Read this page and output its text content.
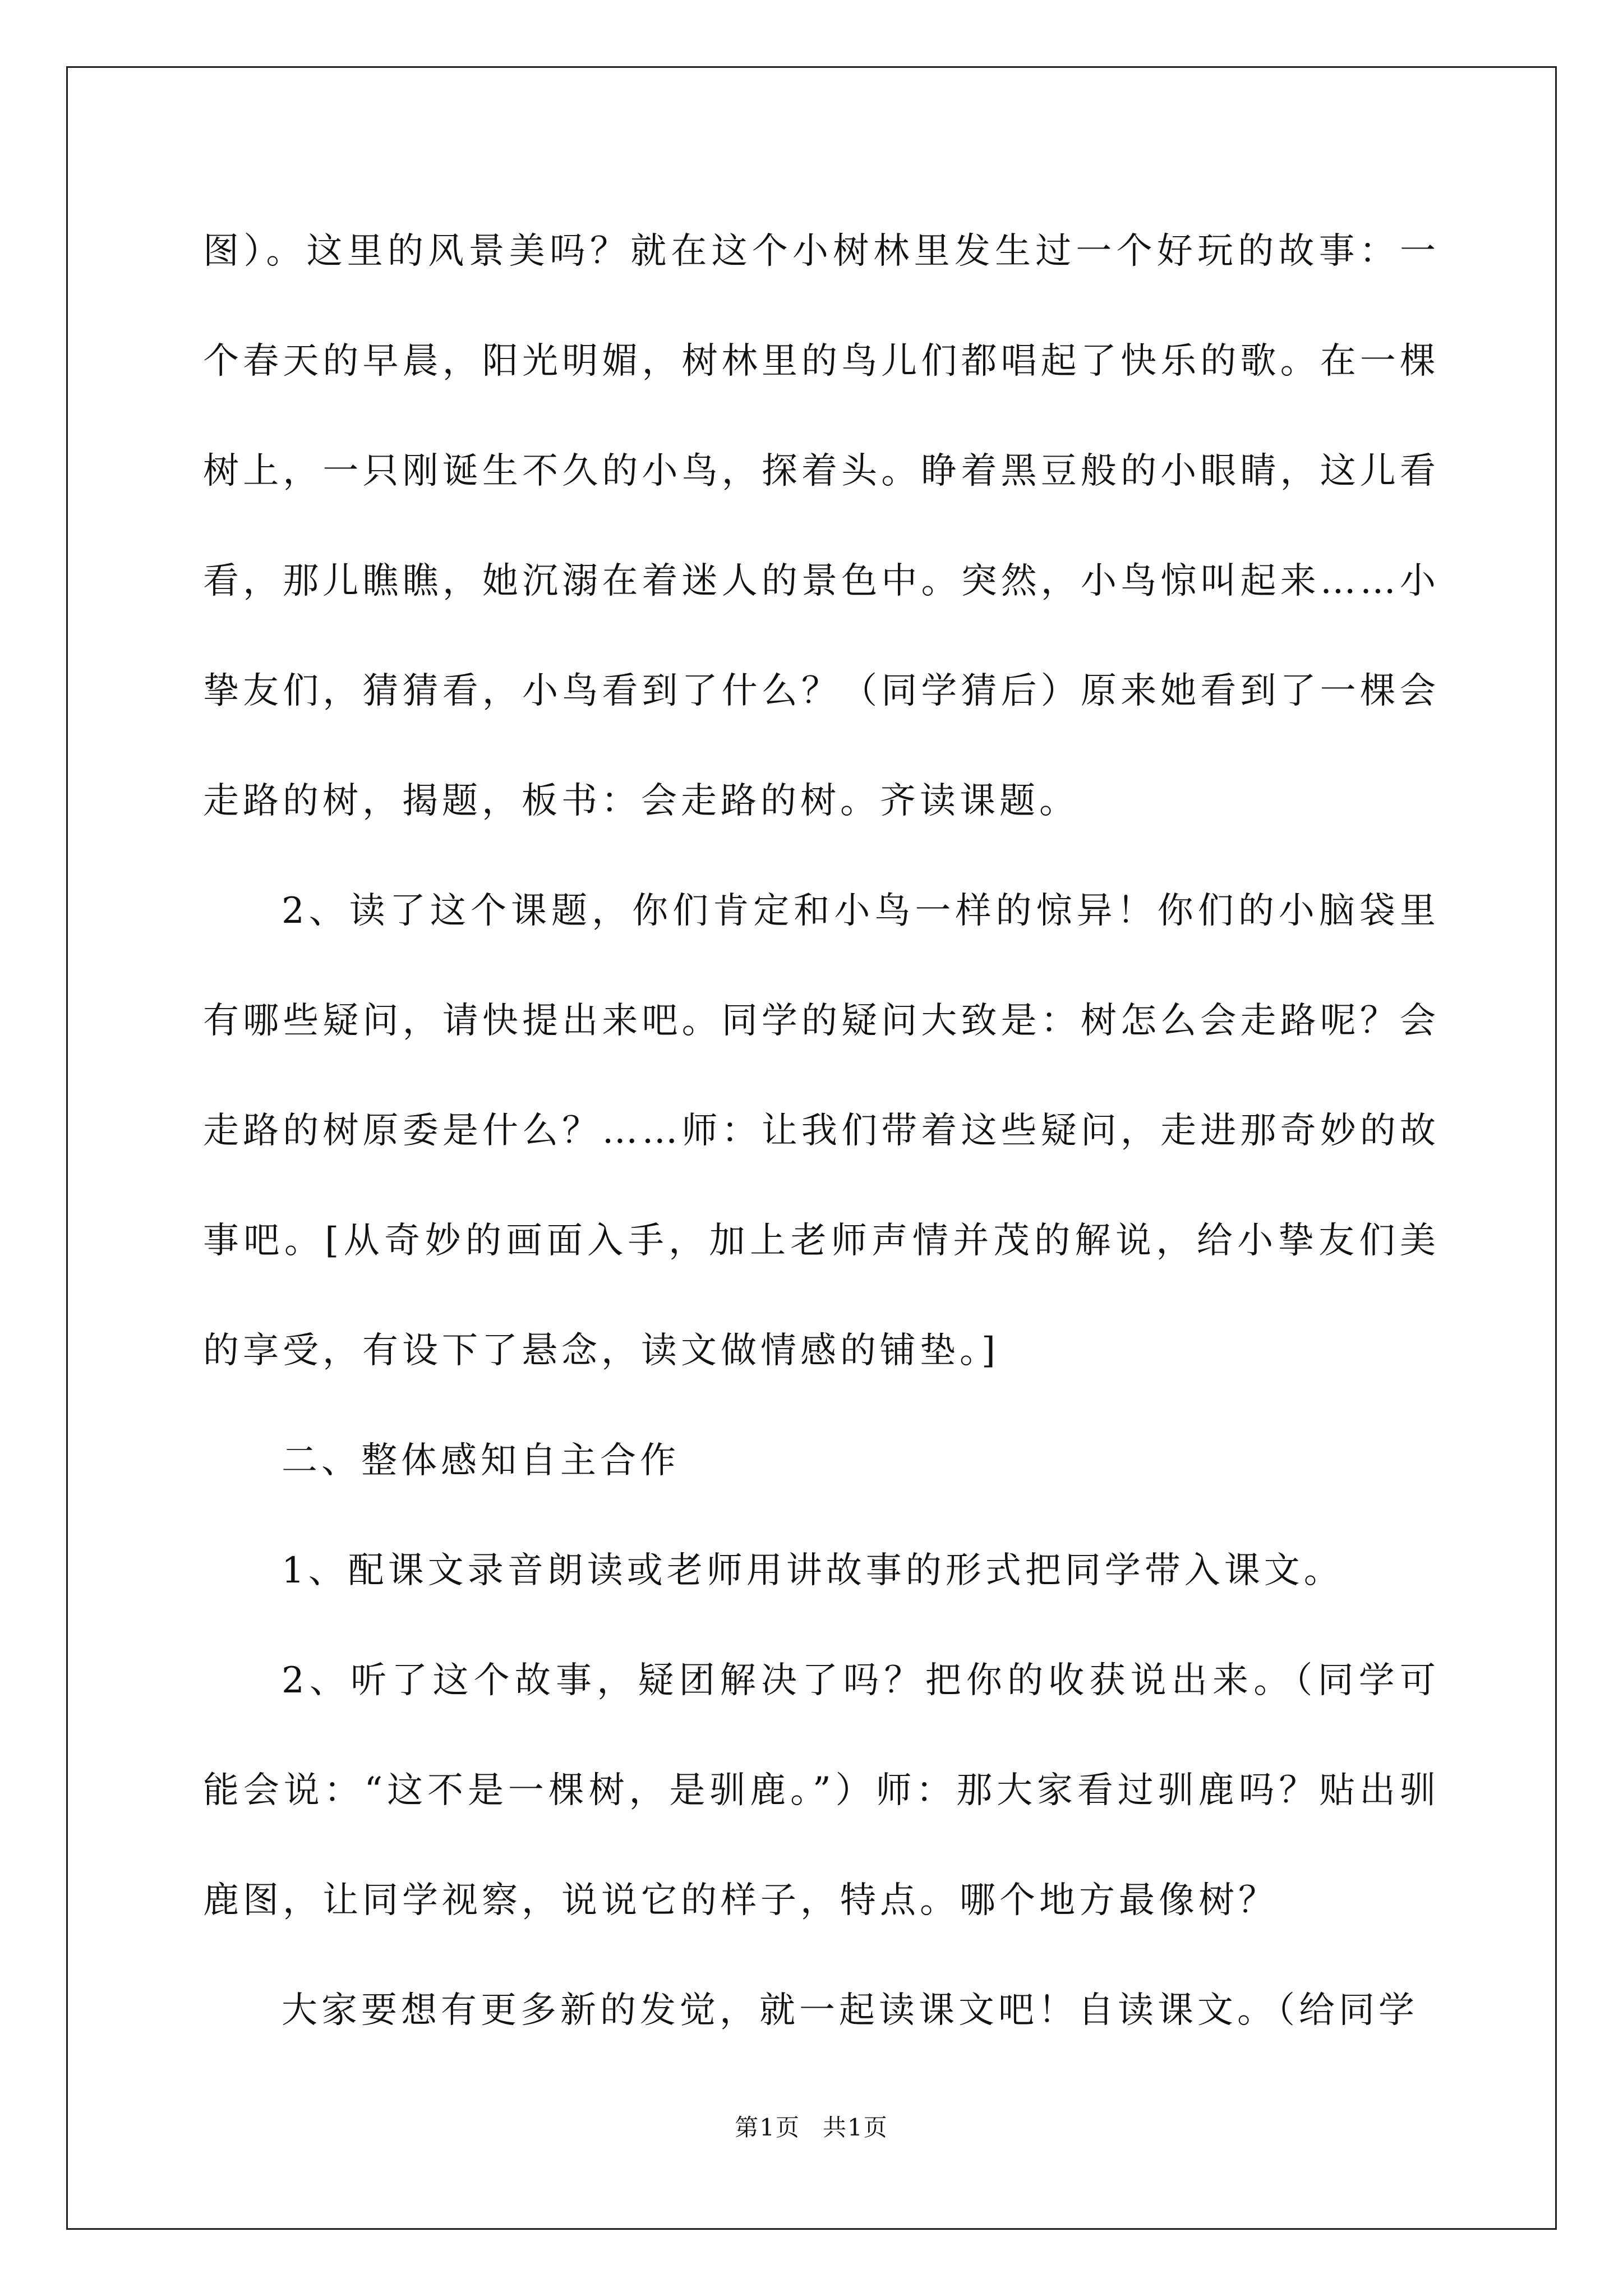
图）。这里的风景美吗？就在这个小树林里发生过一个好玩的故事：一个春天的早晨，阳光明媚，树林里的鸟儿们都唱起了快乐的歌。在一棵树上，一只刚诞生不久的小鸟，探着头。睁着黑豆般的小眼睛，这儿看看，那儿瞧瞧，她沉溺在着迷人的景色中。突然，小鸟惊叫起来……小挚友们，猜猜看，小鸟看到了什么？（同学猜后）原来她看到了一棵会走路的树，揭题，板书：会走路的树。齐读课题。

2、读了这个课题，你们肯定和小鸟一样的惊异！你们的小脑袋里有哪些疑问，请快提出来吧。同学的疑问大致是：树怎么会走路呢？会走路的树原委是什么？……师：让我们带着这些疑问，走进那奇妙的故事吧。[从奇妙的画面入手，加上老师声情并茂的解说，给小挚友们美的享受，有设下了悬念，读文做情感的铺垫。]

二、整体感知自主合作

1、配课文录音朗读或老师用讲故事的形式把同学带入课文。

2、听了这个故事，疑团解决了吗？把你的收获说出来。（同学可能会说：“这不是一棵树，是驯鹿。”）师：那大家看过驯鹿吗？贴出驯鹿图，让同学视察，说说它的样子，特点。哪个地方最像树？

大家要想有更多新的发觉，就一起读课文吧！自读课文。（给同学

第1页 共1页
